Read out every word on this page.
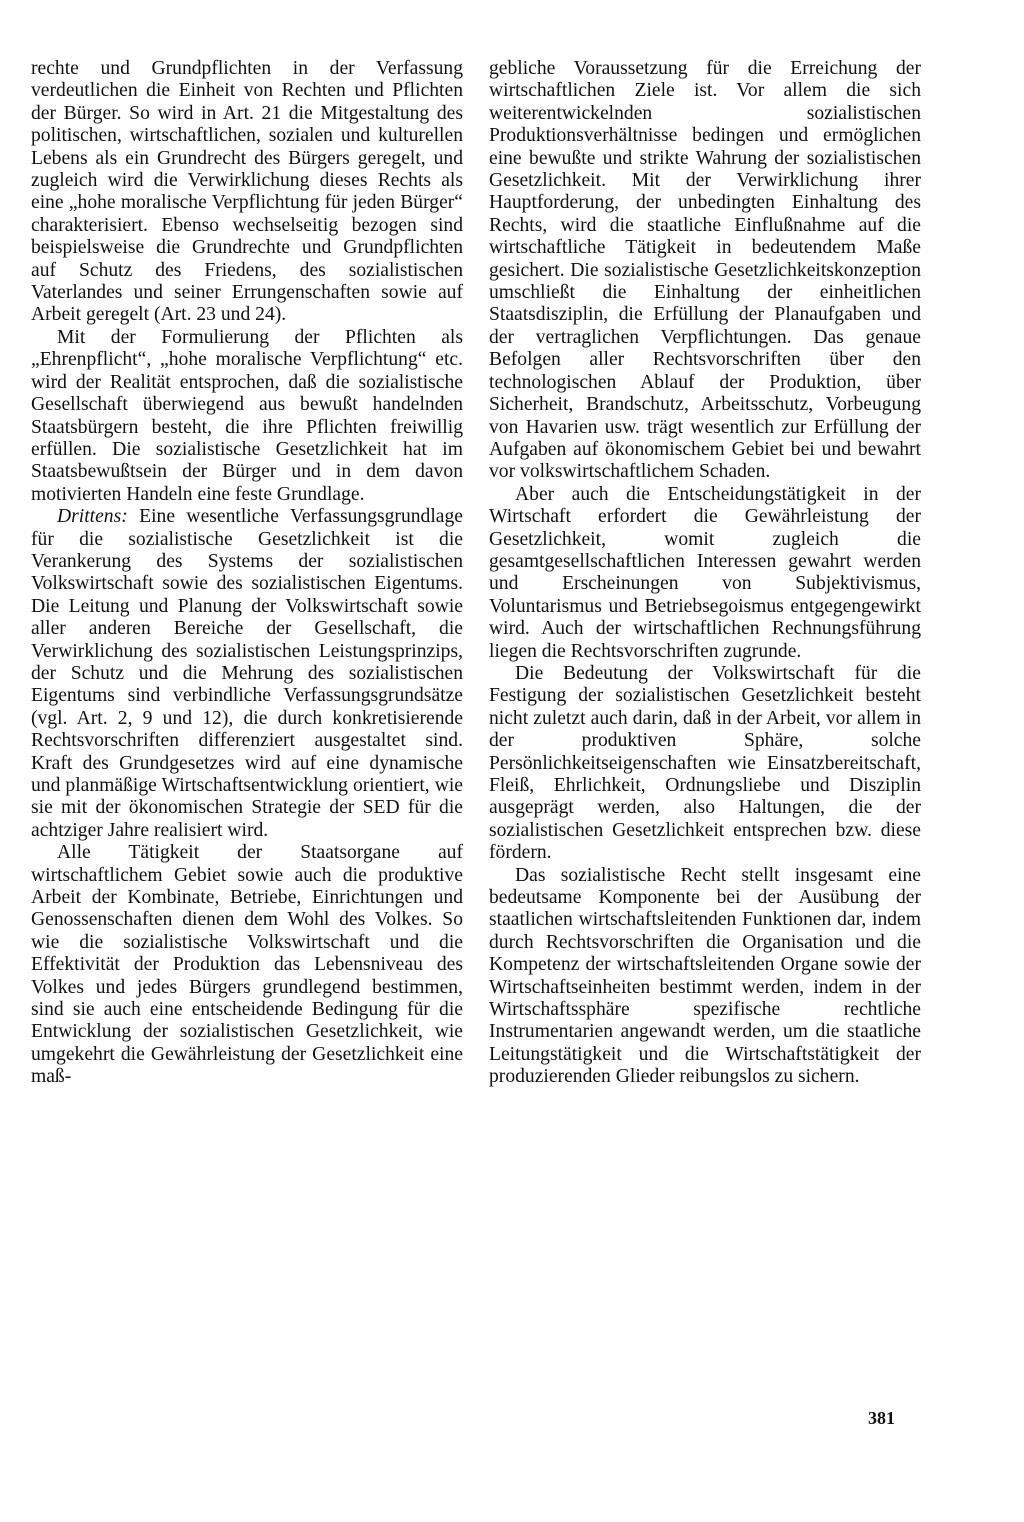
rechte und Grundpflichten in der Verfassung verdeutlichen die Einheit von Rechten und Pflichten der Bürger. So wird in Art. 21 die Mitgestaltung des politischen, wirtschaftlichen, sozialen und kulturellen Lebens als ein Grundrecht des Bürgers geregelt, und zugleich wird die Verwirklichung dieses Rechts als eine „hohe moralische Verpflichtung für jeden Bürger“ charakterisiert. Ebenso wechselseitig bezogen sind beispielsweise die Grundrechte und Grundpflichten auf Schutz des Friedens, des sozialistischen Vaterlandes und seiner Errungenschaften sowie auf Arbeit geregelt (Art. 23 und 24).

Mit der Formulierung der Pflichten als „Ehrenpflicht“, „hohe moralische Verpflichtung“ etc. wird der Realität entsprochen, daß die sozialistische Gesellschaft überwiegend aus bewußt handelnden Staatsbürgern besteht, die ihre Pflichten freiwillig erfüllen. Die sozialistische Gesetzlichkeit hat im Staatsbewußtsein der Bürger und in dem davon motivierten Handeln eine feste Grundlage.

Drittens: Eine wesentliche Verfassungsgrundlage für die sozialistische Gesetzlichkeit ist die Verankerung des Systems der sozialistischen Volkswirtschaft sowie des sozialistischen Eigentums. Die Leitung und Planung der Volkswirtschaft sowie aller anderen Bereiche der Gesellschaft, die Verwirklichung des sozialistischen Leistungsprinzips, der Schutz und die Mehrung des sozialistischen Eigentums sind verbindliche Verfassungsgrundsätze (vgl. Art. 2, 9 und 12), die durch konkretisierende Rechtsvorschriften differenziert ausgestaltet sind. Kraft des Grundgesetzes wird auf eine dynamische und planmäßige Wirtschaftsentwicklung orientiert, wie sie mit der ökonomischen Strategie der SED für die achtziger Jahre realisiert wird.

Alle Tätigkeit der Staatsorgane auf wirtschaftlichem Gebiet sowie auch die produktive Arbeit der Kombinate, Betriebe, Einrichtungen und Genossenschaften dienen dem Wohl des Volkes. So wie die sozialistische Volkswirtschaft und die Effektivität der Produktion das Lebensniveau des Volkes und jedes Bürgers grundlegend bestimmen, sind sie auch eine entscheidende Bedingung für die Entwicklung der sozialistischen Gesetzlichkeit, wie umgekehrt die Gewährleistung der Gesetzlichkeit eine maß-

gebliche Voraussetzung für die Erreichung der wirtschaftlichen Ziele ist. Vor allem die sich weiterentwickelnden sozialistischen Produktionsverhältnisse bedingen und ermöglichen eine bewußte und strikte Wahrung der sozialistischen Gesetzlichkeit. Mit der Verwirklichung ihrer Hauptforderung, der unbedingten Einhaltung des Rechts, wird die staatliche Einflußnahme auf die wirtschaftliche Tätigkeit in bedeutendem Maße gesichert. Die sozialistische Gesetzlichkeitskonzeption umschließt die Einhaltung der einheitlichen Staatsdisziplin, die Erfüllung der Planaufgaben und der vertraglichen Verpflichtungen. Das genaue Befolgen aller Rechtsvorschriften über den technologischen Ablauf der Produktion, über Sicherheit, Brandschutz, Arbeitsschutz, Vorbeugung von Havarien usw. trägt wesentlich zur Erfüllung der Aufgaben auf ökonomischem Gebiet bei und bewahrt vor volkswirtschaftlichem Schaden.

Aber auch die Entscheidungstätigkeit in der Wirtschaft erfordert die Gewährleistung der Gesetzlichkeit, womit zugleich die gesamtgesellschaftlichen Interessen gewahrt werden und Erscheinungen von Subjektivismus, Voluntarismus und Betriebsegoismus entgegengewirkt wird. Auch der wirtschaftlichen Rechnungsführung liegen die Rechtsvorschriften zugrunde.

Die Bedeutung der Volkswirtschaft für die Festigung der sozialistischen Gesetzlichkeit besteht nicht zuletzt auch darin, daß in der Arbeit, vor allem in der produktiven Sphäre, solche Persönlichkeitseigenschaften wie Einsatzbereitschaft, Fleiß, Ehrlichkeit, Ordnungsliebe und Disziplin ausgeprägt werden, also Haltungen, die der sozialistischen Gesetzlichkeit entsprechen bzw. diese fördern.

Das sozialistische Recht stellt insgesamt eine bedeutsame Komponente bei der Ausübung der staatlichen wirtschaftsleitenden Funktionen dar, indem durch Rechtsvorschriften die Organisation und die Kompetenz der wirtschaftsleitenden Organe sowie der Wirtschaftseinheiten bestimmt werden, indem in der Wirtschaftssphäre spezifische rechtliche Instrumentarien angewandt werden, um die staatliche Leitungstätigkeit und die Wirtschaftstätigkeit der produzierenden Glieder reibungslos zu sichern.

381
